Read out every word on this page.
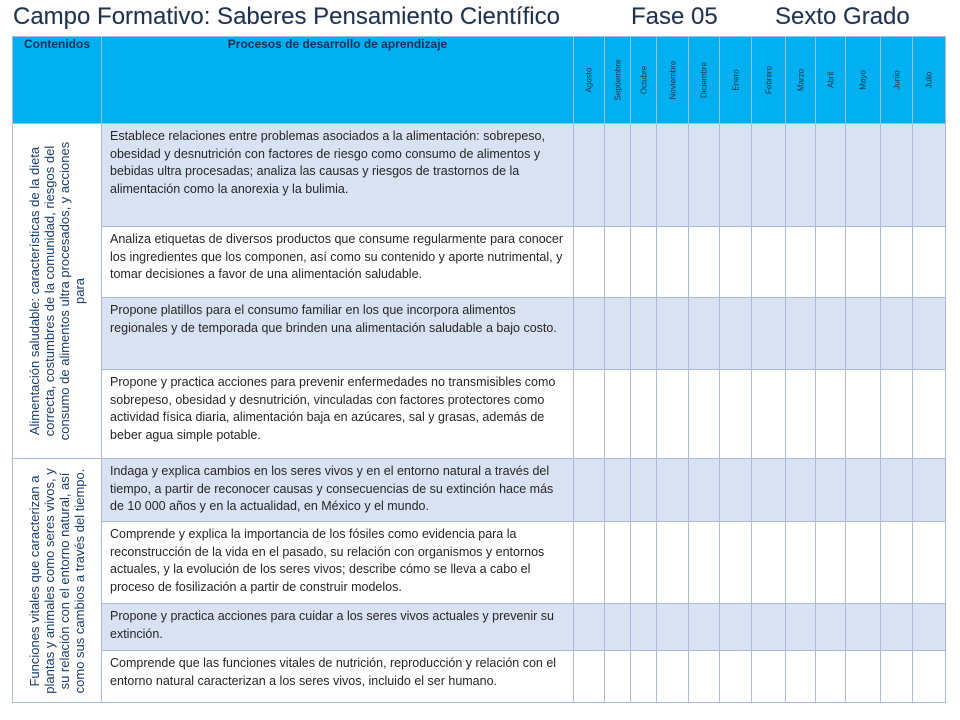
Campo Formativo: Saberes Pensamiento Científico	Fase 05 Sexto Grado
Contenidos	Procesos de desarrollo de aprendizaje	Agosto	Septiembre	Octubre	Noviembre	Diciembre	Enero	Febrero	Marzo	Abril	Mayo	Junio	Julio

Alimentación saludable: características de la dieta correcta, costumbres de la comunidad, riesgos del consumo de alimentos ultra procesados, y acciones para	Establece relaciones entre problemas asociados a la alimentación: sobrepeso, obesidad y desnutrición con factores de riesgo como consumo de alimentos y bebidas ultra procesadas; analiza las causas y riesgos de trastornos de la alimentación como la anorexia y la bulimia.												

	Analiza etiquetas de diversos productos que consume regularmente para conocer los ingredientes que los componen, así como su contenido y aporte nutrimental, y tomar decisiones a favor de una alimentación saludable.												

	Propone platillos para el consumo familiar en los que incorpora alimentos regionales y de temporada que brinden una alimentación saludable a bajo costo.												

	Propone y practica acciones para prevenir enfermedades no transmisibles como sobrepeso, obesidad y desnutrición, vinculadas con factores protectores como actividad física diaria, alimentación baja en azúcares, sal y grasas, además de beber agua simple potable.												

Funciones vitales que caracterizan a plantas y animales como seres vivos, y su relación con el entorno natural, así como sus cambios a través del tiempo.	Indaga y explica cambios en los seres vivos y en el entorno natural a través del tiempo, a partir de reconocer causas y consecuencias de su extinción hace más de 10 000 años y en la actualidad, en México y el mundo.												

	Comprende y explica la importancia de los fósiles como evidencia para la reconstrucción de la vida en el pasado, su relación con organismos y entornos actuales, y la evolución de los seres vivos; describe cómo se lleva a cabo el proceso de fosilización a partir de construir modelos.												

	Propone y practica acciones para cuidar a los seres vivos actuales y prevenir su extinción.												

	Comprende que las funciones vitales de nutrición, reproducción y relación con el entorno natural caracterizan a los seres vivos, incluido el ser humano.												
